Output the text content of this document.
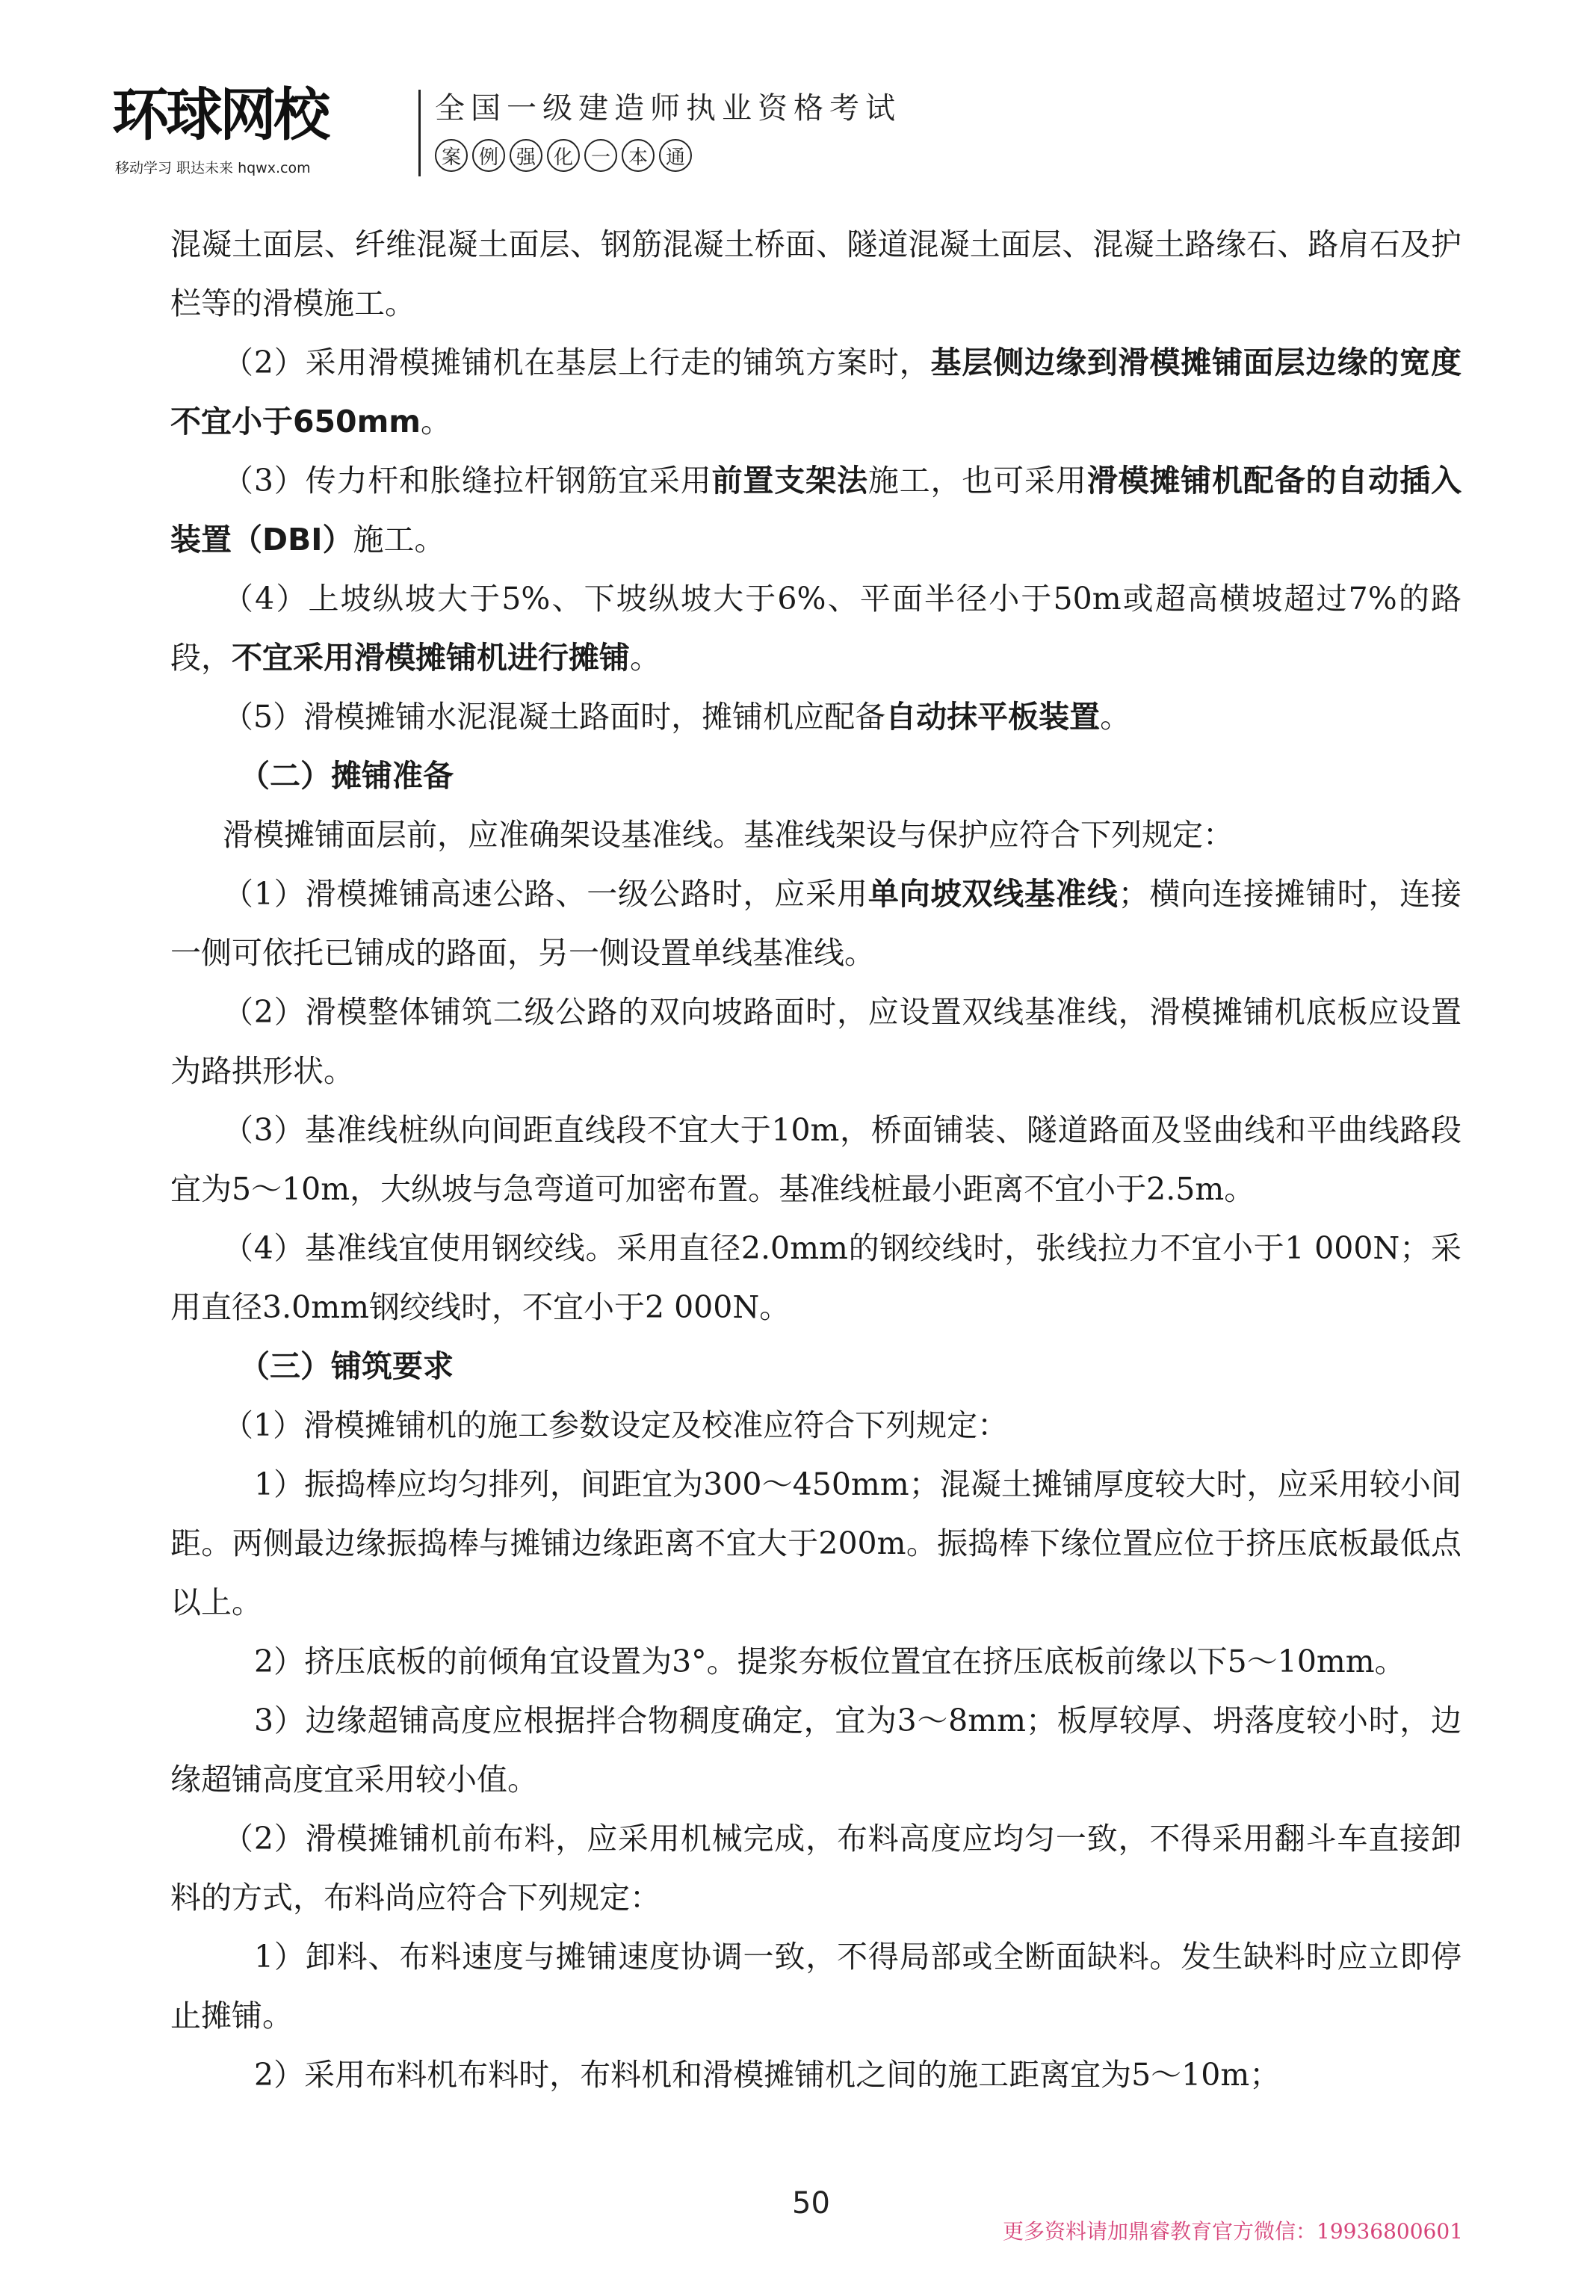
环球网校
移动学习 职达未来 hqwx.com
全国一级建造师执业资格考试
案 例 强 化 一 本 通

混凝土面层、纤维混凝土面层、钢筋混凝土桥面、隧道混凝土面层、混凝土路缘石、路肩石及护栏等的滑模施工。

（2）采用滑模摊铺机在基层上行走的铺筑方案时，基层侧边缘到滑模摊铺面层边缘的宽度不宜小于650mm。

（3）传力杆和胀缝拉杆钢筋宜采用前置支架法施工，也可采用滑模摊铺机配备的自动插入装置（DBI）施工。

（4）上坡纵坡大于5%、下坡纵坡大于6%、平面半径小于50m或超高横坡超过7%的路段，不宜采用滑模摊铺机进行摊铺。

（5）滑模摊铺水泥混凝土路面时，摊铺机应配备自动抹平板装置。

（二）摊铺准备

滑模摊铺面层前，应准确架设基准线。基准线架设与保护应符合下列规定：

（1）滑模摊铺高速公路、一级公路时，应采用单向坡双线基准线；横向连接摊铺时，连接一侧可依托已铺成的路面，另一侧设置单线基准线。

（2）滑模整体铺筑二级公路的双向坡路面时，应设置双线基准线，滑模摊铺机底板应设置为路拱形状。

（3）基准线桩纵向间距直线段不宜大于10m，桥面铺装、隧道路面及竖曲线和平曲线路段宜为5～10m，大纵坡与急弯道可加密布置。基准线桩最小距离不宜小于2.5m。

（4）基准线宜使用钢绞线。采用直径2.0mm的钢绞线时，张线拉力不宜小于1 000N；采用直径3.0mm钢绞线时，不宜小于2 000N。

（三）铺筑要求

（1）滑模摊铺机的施工参数设定及校准应符合下列规定：

1）振捣棒应均匀排列，间距宜为300～450mm；混凝土摊铺厚度较大时，应采用较小间距。两侧最边缘振捣棒与摊铺边缘距离不宜大于200m。振捣棒下缘位置应位于挤压底板最低点以上。

2）挤压底板的前倾角宜设置为3°。提浆夯板位置宜在挤压底板前缘以下5～10mm。

3）边缘超铺高度应根据拌合物稠度确定，宜为3～8mm；板厚较厚、坍落度较小时，边缘超铺高度宜采用较小值。

（2）滑模摊铺机前布料，应采用机械完成，布料高度应均匀一致，不得采用翻斗车直接卸料的方式，布料尚应符合下列规定：

1）卸料、布料速度与摊铺速度协调一致，不得局部或全断面缺料。发生缺料时应立即停止摊铺。

2）采用布料机布料时，布料机和滑模摊铺机之间的施工距离宜为5～10m；

50
更多资料请加鼎睿教育官方微信：19936800601
